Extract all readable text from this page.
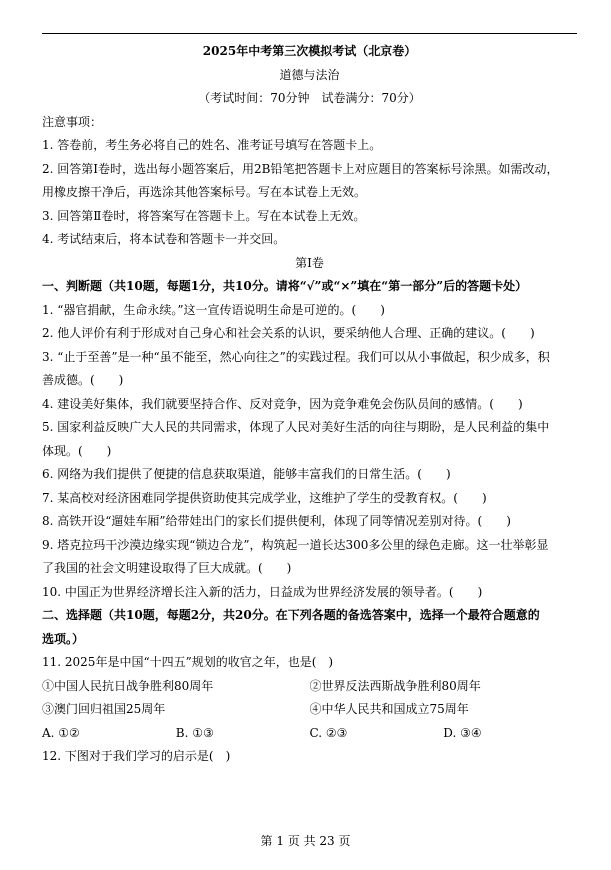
2025年中考第三次模拟考试（北京卷）
道德与法治
（考试时间：70分钟　试卷满分：70分）
注意事项：
1. 答卷前，考生务必将自己的姓名、准考证号填写在答题卡上。
2. 回答第Ⅰ卷时，选出每小题答案后，用2B铅笔把答题卡上对应题目的答案标号涂黑。如需改动，
用橡皮擦干净后，再选涂其他答案标号。写在本试卷上无效。
3. 回答第Ⅱ卷时，将答案写在答题卡上。写在本试卷上无效。
4. 考试结束后，将本试卷和答题卡一并交回。
第Ⅰ卷
一、判断题（共10题，每题1分，共10分。请将“√”或“×”填在“第一部分”后的答题卡处）
1. “器官捐献，生命永续。”这一宣传语说明生命是可逆的。(　　)
2. 他人评价有利于形成对自己身心和社会关系的认识，要采纳他人合理、正确的建议。(　　)
3. “止于至善”是一种“虽不能至，然心向往之”的实践过程。我们可以从小事做起，积少成多，积
善成德。(　　)
4. 建设美好集体，我们就要坚持合作、反对竞争，因为竞争难免会伤队员间的感情。(　　)
5. 国家利益反映广大人民的共同需求，体现了人民对美好生活的向往与期盼，是人民利益的集中
体现。(　　)
6. 网络为我们提供了便捷的信息获取渠道，能够丰富我们的日常生活。(　　)
7. 某高校对经济困难同学提供资助使其完成学业，这维护了学生的受教育权。(　　)
8. 高铁开设“遛娃车厢”给带娃出门的家长们提供便利，体现了同等情况差别对待。(　　)
9. 塔克拉玛干沙漠边缘实现“锁边合龙”，构筑起一道长达300多公里的绿色走廊。这一壮举彰显
了我国的社会文明建设取得了巨大成就。(　　)
10. 中国正为世界经济增长注入新的活力，日益成为世界经济发展的领导者。(　　)
二、选择题（共10题，每题2分，共20分。在下列各题的备选答案中，选择一个最符合题意的
选项。）
11. 2025年是中国“十四五”规划的收官之年，也是(　)
①中国人民抗日战争胜利80周年	②世界反法西斯战争胜利80周年
③澳门回归祖国25周年	④中华人民共和国成立75周年
A. ①②	B. ①③	C. ②③	D. ③④
12. 下图对于我们学习的启示是(　)
第 1 页 共 23 页
